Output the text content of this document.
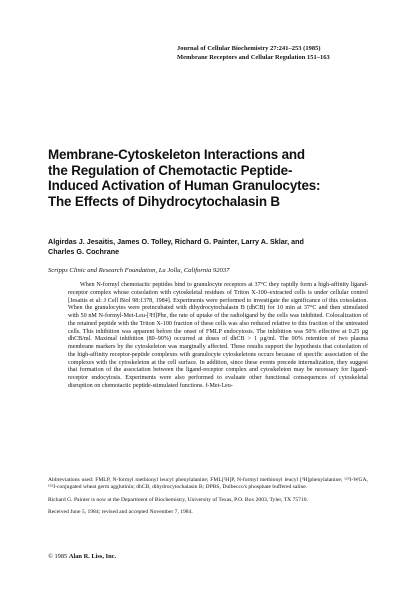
Journal of Cellular Biochemistry 27:241–253 (1985)
Membrane Receptors and Cellular Regulation 151–163
Membrane-Cytoskeleton Interactions and
the Regulation of Chemotactic Peptide-
Induced Activation of Human Granulocytes:
The Effects of Dihydrocytochalasin B
Algirdas J. Jesaitis, James O. Tolley, Richard G. Painter, Larry A. Sklar, and
Charles G. Cochrane
Scripps Clinic and Research Foundation, La Jolla, California 92037

When N-formyl chemotactic peptides bind to granulocyte receptors at 37°C they rapidly form a high-affinity ligand-receptor complex whose coisolation with cytoskeletal residues of Triton X-100–extracted cells is under cellular control [Jesaitis et al: J Cell Biol 98:1378, 1984]. Experiments were performed to investigate the significance of this coisolation. When the granulocytes were preincubated with dihydrocytochalasin B (dhCB) for 10 min at 37°C and then stimulated with 50 nM N-formyl-Met-Leu-[³H]Phe, the rate of uptake of the radioligand by the cells was inhibited. Colocalization of the retained peptide with the Triton X-100 fraction of these cells was also reduced relative to this fraction of the untreated cells. This inhibition was apparent before the onset of FMLP endocytosis. The inhibition was 50% effective at 0.25 µg dhCB/ml. Maximal inhibition (80–90%) occurred at doses of dhCB > 1 µg/ml. The 90% retention of two plasma membrane markers by the cytoskeleton was marginally affected. These results support the hypothesis that coisolation of the high-affinity receptor-peptide complexes with granulocyte cytoskeletons occurs because of specific association of the complexes with the cytoskeleton at the cell surface. In addition, since these events precede internalization, they suggest that formation of the association between the ligand-receptor complex and cytoskeleton may be necessary for ligand-receptor endocytosis. Experiments were also performed to evaluate other functional consequences of cytoskeletal disruption on chemotactic peptide-stimulated functions. f-Met-Leu-

Abbreviations used: FMLP, N-formyl methionyl leucyl phenylalanine; FML[³H]P, N-formyl methionyl leucyl [³H]phenylalanine; ¹²⁵I-WGA, ¹²⁵I-conjugated wheat germ agglutinin; dhCB, dihydrocytochalasin B; DPBS, Dulbecco's phosphate buffered saline.

Richard G. Painter is now at the Department of Biochemistry, University of Texas, P.O. Box 2003, Tyler, TX 75710.

Received June 5, 1984; revised and accepted November 7, 1984.

© 1985 Alan R. Liss, Inc.
